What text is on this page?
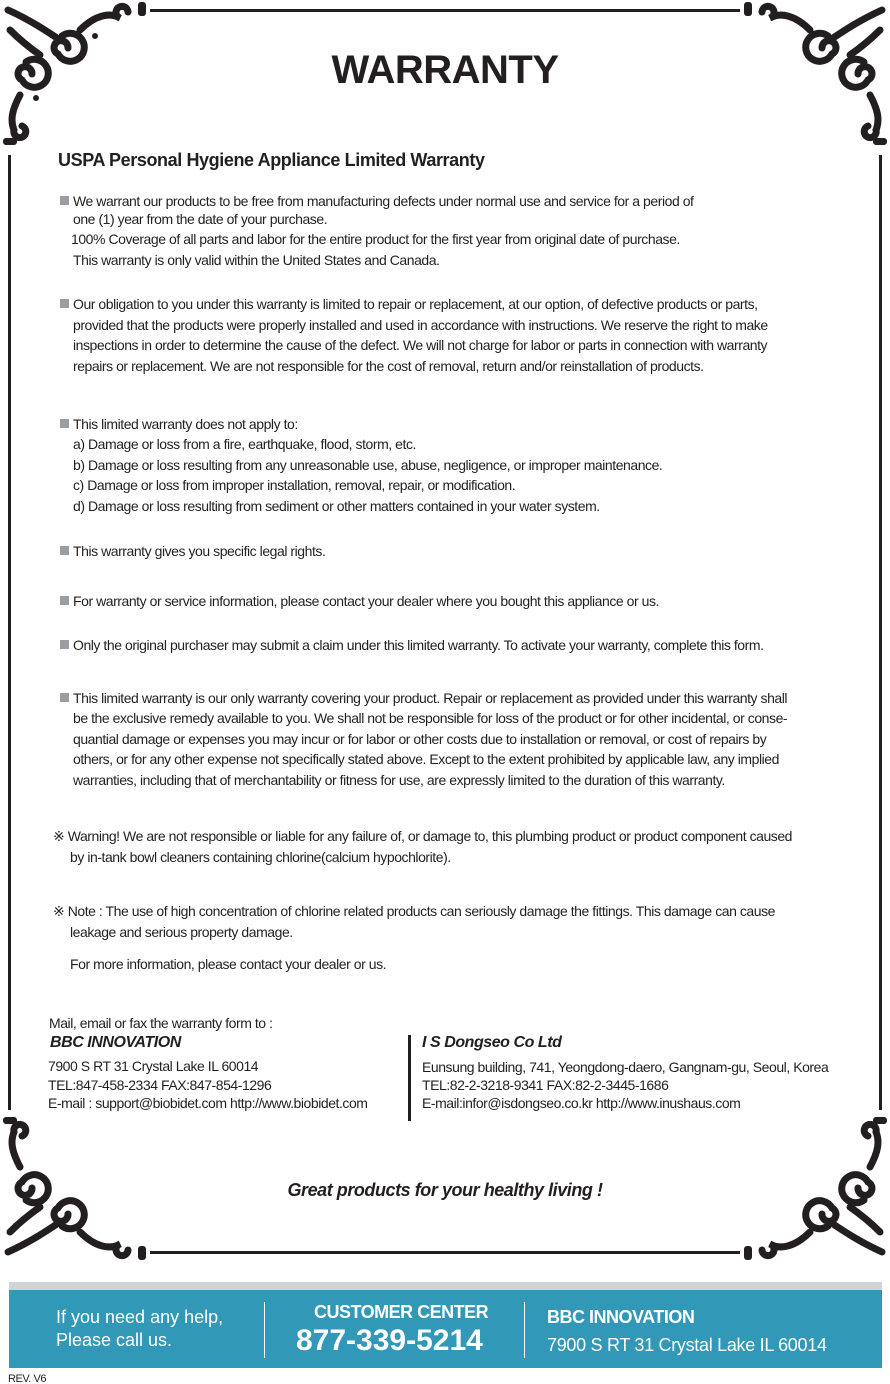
WARRANTY
USPA Personal Hygiene Appliance Limited Warranty
We warrant our products to be free from manufacturing defects under normal use and service for a period of
one (1) year from the date of your purchase.
100% Coverage of all parts and labor for the entire product for the first year from original date of purchase.
This warranty is only valid within the United States and Canada.
Our obligation to you under this warranty is limited to repair or replacement, at our option, of defective products or parts,
provided that the products were properly installed and used in accordance with instructions. We reserve the right to make
inspections in order to determine the cause of the defect. We will not charge for labor or parts in connection with warranty
repairs or replacement. We are not responsible for the cost of removal, return and/or reinstallation of products.
This limited warranty does not apply to:
a) Damage or loss from a fire, earthquake, flood, storm, etc.
b) Damage or loss resulting from any unreasonable use, abuse, negligence, or improper maintenance.
c) Damage or loss from improper installation, removal, repair, or modification.
d) Damage or loss resulting from sediment or other matters contained in your water system.
This warranty gives you specific legal rights.
For warranty or service information, please contact your dealer where you bought this appliance or us.
Only the original purchaser may submit a claim under this limited warranty. To activate your warranty, complete this form.
This limited warranty is our only warranty covering your product. Repair or replacement as provided under this warranty shall
be the exclusive remedy available to you. We shall not be responsible for loss of the product or for other incidental, or conse-
quantial damage or expenses you may incur or for labor or other costs due to installation or removal, or cost of repairs by
others, or for any other expense not specifically stated above. Except to the extent prohibited by applicable law, any implied
warranties, including that of merchantability or fitness for use, are expressly limited to the duration of this warranty.
※ Warning! We are not responsible or liable for any failure of, or damage to, this plumbing product or product component caused
by in-tank bowl cleaners containing chlorine(calcium hypochlorite).
※ Note : The use of high concentration of chlorine related products can seriously damage the fittings. This damage can cause
leakage and serious property damage.
For more information, please contact your dealer or us.
Mail, email or fax the warranty form to :
BBC INNOVATION
7900 S RT 31 Crystal Lake IL 60014
TEL:847-458-2334 FAX:847-854-1296
E-mail : support@biobidet.com http://www.biobidet.com
I S Dongseo Co Ltd
Eunsung building, 741, Yeongdong-daero, Gangnam-gu, Seoul, Korea
TEL:82-2-3218-9341 FAX:82-2-3445-1686
E-mail:infor@isdongseo.co.kr http://www.inushaus.com
Great products for your healthy living !
If you need any help,
Please call us.
CUSTOMER CENTER
877-339-5214
BBC INNOVATION
7900 S RT 31 Crystal Lake IL 60014
REV. V6
